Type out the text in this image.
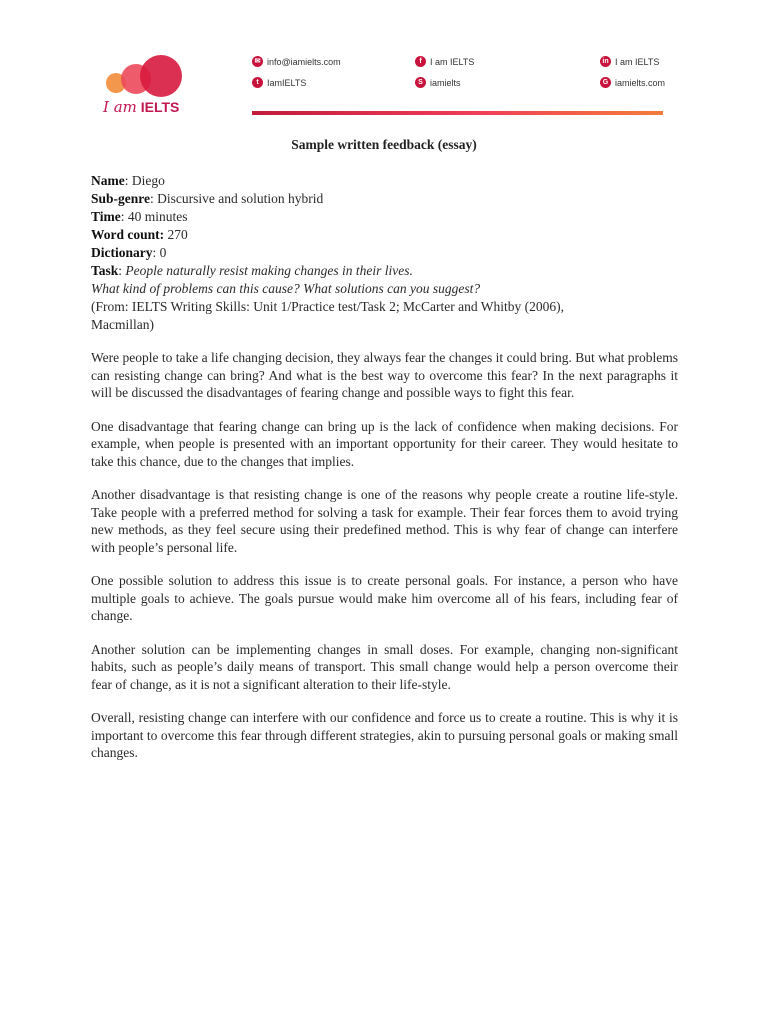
I am IELTS
✉ info@iamielts.com	f I am IELTS	in I am IELTS
t IamIELTS	S iamielts	G iamielts.com
Sample written feedback (essay)
Name: Diego
Sub-genre: Discursive and solution hybrid
Time: 40 minutes
Word count: 270
Dictionary: 0
Task: People naturally resist making changes in their lives.
What kind of problems can this cause? What solutions can you suggest?
(From: IELTS Writing Skills: Unit 1/Practice test/Task 2; McCarter and Whitby (2006),
Macmillan)

Were people to take a life changing decision, they always fear the changes it could bring. But what problems can resisting change can bring? And what is the best way to overcome this fear? In the next paragraphs it will be discussed the disadvantages of fearing change and possible ways to fight this fear.

One disadvantage that fearing change can bring up is the lack of confidence when making decisions. For example, when people is presented with an important opportunity for their career. They would hesitate to take this chance, due to the changes that implies.

Another disadvantage is that resisting change is one of the reasons why people create a routine life-style. Take people with a preferred method for solving a task for example. Their fear forces them to avoid trying new methods, as they feel secure using their predefined method. This is why fear of change can interfere with people’s personal life.

One possible solution to address this issue is to create personal goals. For instance, a person who have multiple goals to achieve. The goals pursue would make him overcome all of his fears, including fear of change.

Another solution can be implementing changes in small doses. For example, changing non-significant habits, such as people’s daily means of transport. This small change would help a person overcome their fear of change, as it is not a significant alteration to their life-style.

Overall, resisting change can interfere with our confidence and force us to create a routine. This is why it is important to overcome this fear through different strategies, akin to pursuing personal goals or making small changes.
